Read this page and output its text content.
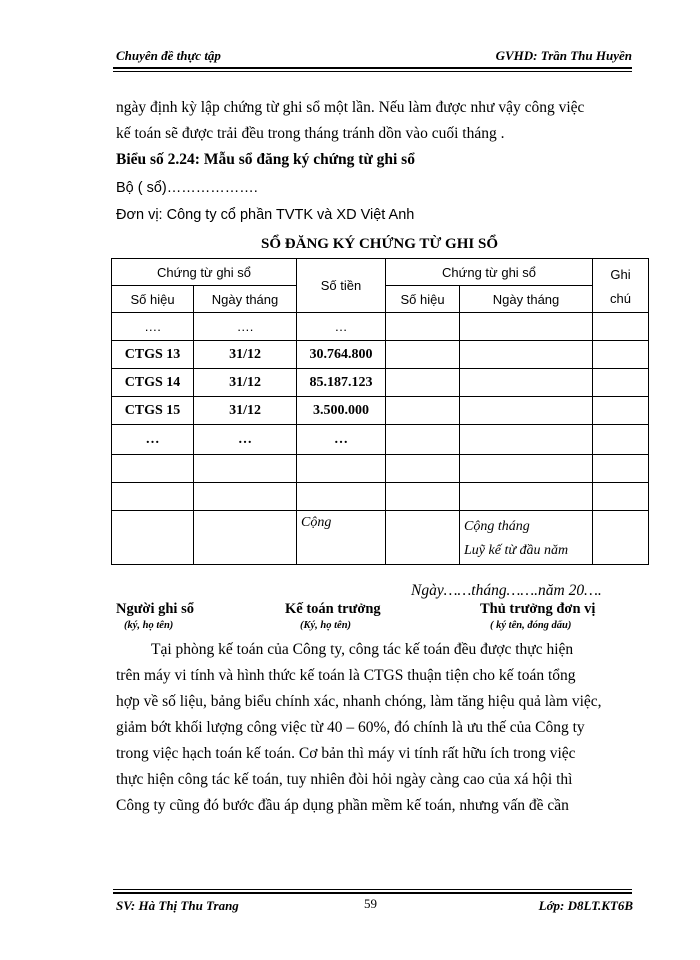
Chuyên đề thực tập	GVHD: Trần Thu Huyền
ngày định kỳ lập chứng từ ghi sổ một lần. Nếu làm được như vậy công việc
kế toán sẽ được trải đều trong tháng tránh dồn vào cuối tháng .
Biểu số 2.24: Mẫu sổ đăng ký chứng từ ghi sổ
Bộ ( sổ)……………….
Đơn vị: Công ty cổ phần TVTK và XD Việt Anh
SỔ ĐĂNG KÝ CHỨNG TỪ GHI SỔ
Chứng từ ghi sổ		Số tiền	Chứng từ ghi sổ		Ghi
chú
Số hiệu	Ngày tháng		Số hiệu	Ngày tháng	
….	….	…			
CTGS 13	31/12	30.764.800			
CTGS 14	31/12	85.187.123			
CTGS 15	31/12	3.500.000			
…	…	…			

		Cộng		Cộng tháng
Luỹ kế từ đầu năm	
Ngày……tháng…….năm 20….
Người ghi sổ
(ký, họ tên)
Kế toán trưởng
(Ký, họ tên)
Thủ trưởng đơn vị
( ký tên, đóng dấu)
Tại phòng kế toán của Công ty, công tác kế toán đều được thực hiện
trên máy vi tính và hình thức kế toán là CTGS thuận tiện cho kế toán tổng
hợp về số liệu, bảng biểu chính xác, nhanh chóng, làm tăng hiệu quả làm việc,
giảm bớt khối lượng công việc từ 40 – 60%, đó chính là ưu thế của Công ty
trong việc hạch toán kế toán. Cơ bản thì máy vi tính rất hữu ích trong việc
thực hiện công tác kế toán, tuy nhiên đòi hỏi ngày càng cao của xá hội thì
Công ty cũng đó bước đầu áp dụng phần mềm kế toán, nhưng vấn đề cần
SV: Hà Thị Thu Trang	59	Lớp: D8LT.KT6B
